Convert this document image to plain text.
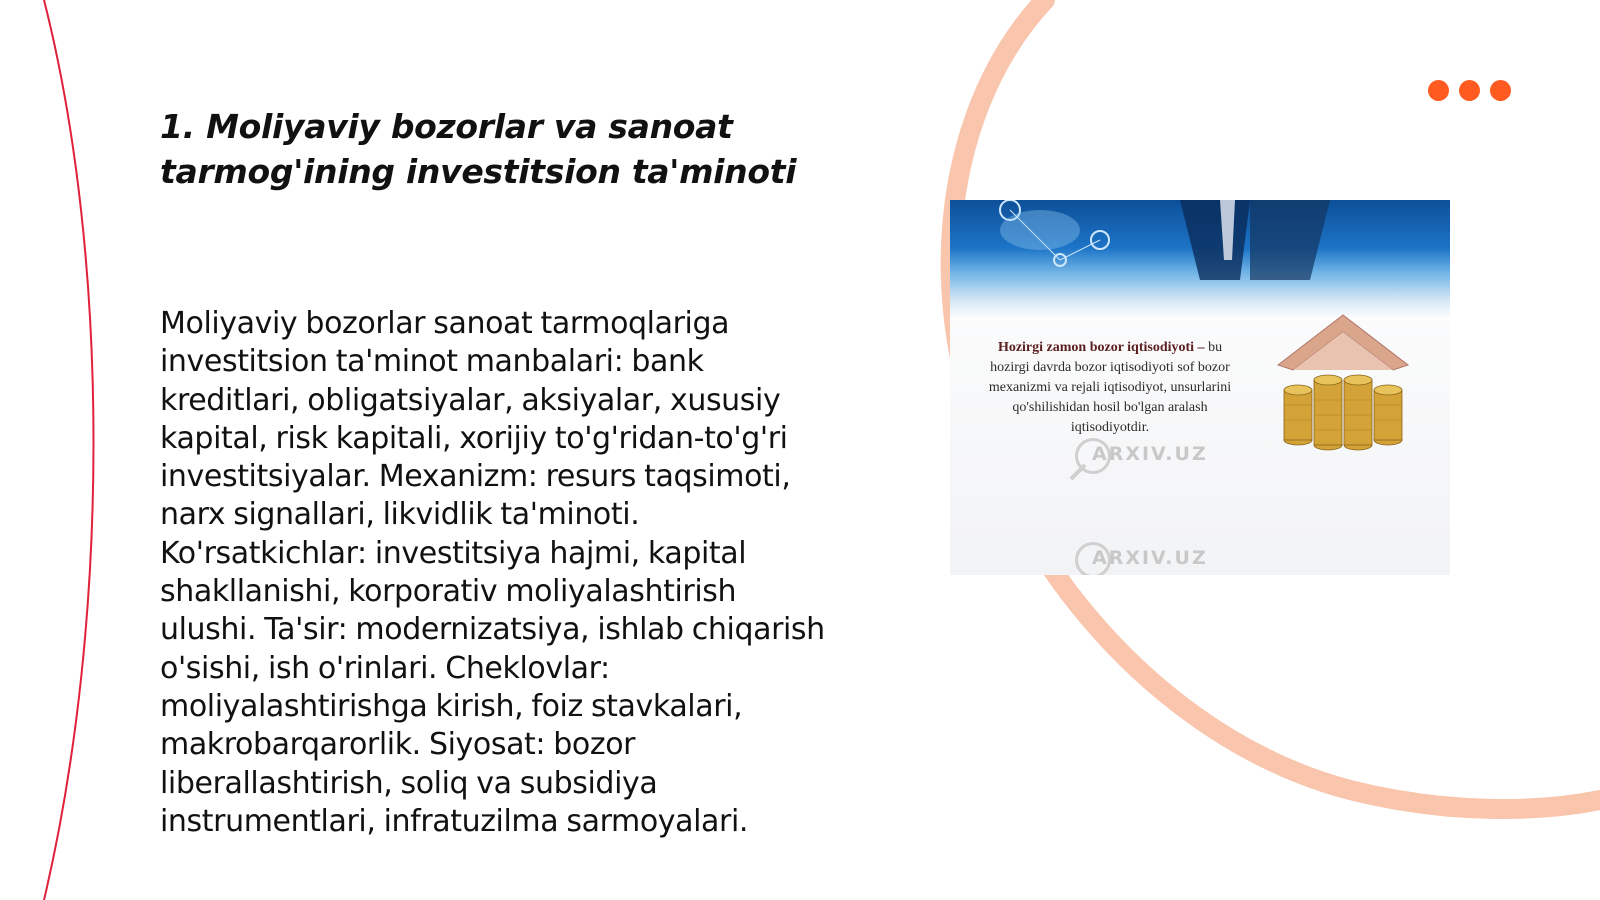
1. Moliyaviy bozorlar va sanoat tarmog'ining investitsion ta'minoti

Moliyaviy bozorlar sanoat tarmoqlariga investitsion ta'minot manbalari: bank kreditlari, obligatsiyalar, aksiyalar, xususiy kapital, risk kapitali, xorijiy to'g'ridan-to'g'ri investitsiyalar. Mexanizm: resurs taqsimoti, narx signallari, likvidlik ta'minoti. Ko'rsatkichlar: investitsiya hajmi, kapital shakllanishi, korporativ moliyalashtirish ulushi. Ta'sir: modernizatsiya, ishlab chiqarish o'sishi, ish o'rinlari. Cheklovlar: moliyalashtirishga kirish, foiz stavkalari, makrobarqarorlik. Siyosat: bozor liberallashtirish, soliq va subsidiya instrumentlari, infratuzilma sarmoyalari.

Hozirgi zamon bozor iqtisodiyoti – bu hozirgi davrda bozor iqtisodiyoti sof bozor mexanizmi va rejali iqtisodiyot, unsurlarini qo'shilishidan hosil bo'lgan aralash iqtisodiyotdir.
ARXIV.UZ
ARXIV.UZ
